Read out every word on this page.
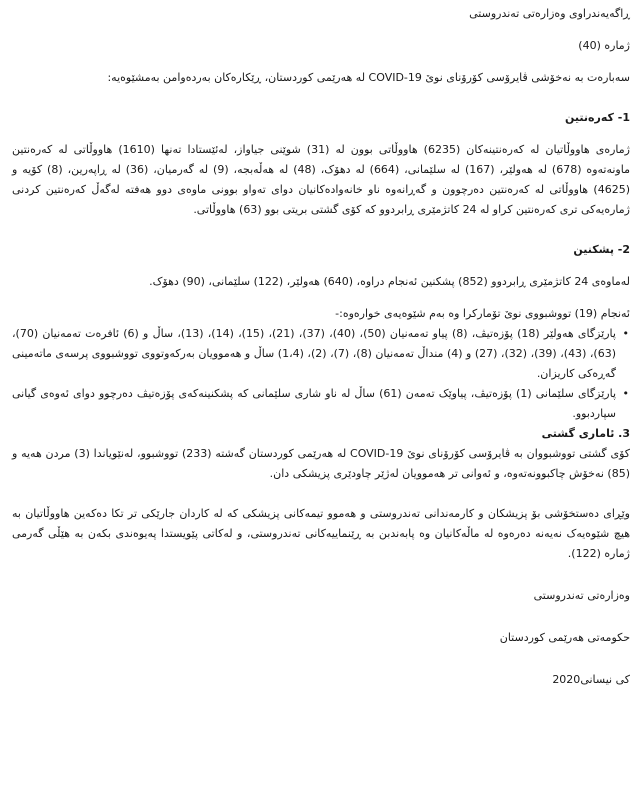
ڕاگەیەندراوی وەزارەتی تەندروستی

ژمارە (40)

سەبارەت بە نەخۆشی ڤایرۆسی کۆرۆنای نوێ COVID-19 لە هەرێمی کوردستان، ڕێکارەکان بەردەوامن بەمشێوەیە:

1- کەرەنتین

ژمارەی هاووڵاتیان لە کەرەنتینەکان (6235) هاووڵاتی بوون لە (31) شوێنی جیاواز، لەئێستادا تەنها (1610) هاووڵاتی لە کەرەنتین ماونەتەوە (678) لە هەولێر، (167) لە سلێمانی، (664) لە دهۆک، (48) لە هەڵەبجە، (9) لە گەرمیان، (36) لە ڕاپەرین، (8) کۆیە و (4625) هاووڵاتی لە کەرەنتین دەرچوون و گەڕانەوە ناو خانەوادەکانیان دوای تەواو بوونی ماوەی دوو هەفتە لەگەڵ کەرەنتین کردنی ژمارەیەکی تری کەرەنتین کراو لە 24 کاتژمێری ڕابردوو کە کۆی گشتی بریتی بوو (63) هاووڵاتی.

2- پشکنین

لەماوەی 24 کاتژمێری ڕابردوو (852) پشکنین ئەنجام دراوە، (640) هەولێر، (122) سلێمانی، (90) دهۆک.

ئەنجام (19) تووشبووی نوێ تۆمارکرا وە بەم شێوەیەی خوارەوە:-

•
پارێزگای هەولێر (18) پۆزەتیڤ، (8) پیاو تەمەنیان (50)، (40)، (37)، (21)، (15)، (14)، (13)، ساڵ و (6) ئافرەت تەمەنیان (70)، (63)، (43)، (39)، (32)، (27) و (4) منداڵ تەمەنیان (8)، (7)، (2)، (1،4) ساڵ و هەموویان بەرکەوتووی تووشبووی پرسەی ماتەمینی گەڕەکی کاریزان.
•
پارێزگای سلێمانی (1) پۆزەتیڤ، پیاوێک تەمەن (61) ساڵ لە ناو شاری سلێمانی کە پشکنینەکەی پۆزەتیڤ دەرچوو دوای ئەوەی گیانی سپاردبوو.

3. ئاماری گشتی

کۆی گشتی تووشبووان بە ڤایرۆسی کۆرۆنای نوێ COVID-19 لە هەرێمی کوردستان گەشتە (233) تووشبوو، لەنێویاندا (3) مردن هەیە و (85) نەخۆش چاکبوونەتەوە، و ئەوانی تر هەموویان لەژێر چاودێری پزیشکی دان.

وێڕای دەستخۆشی بۆ پزیشکان و کارمەندانی تەندروستی و هەموو تیمەکانی پزیشکی کە لە کاردان جارێکی تر تکا دەکەین هاووڵاتیان بە هیچ شێوەیەک نەیەنە دەرەوە لە ماڵەکانیان وە پابەندبن بە ڕێنماییەکانی تەندروستی، و لەکاتی پێویستدا پەیوەندی بکەن بە هێڵی گەرمی ژمارە (122).

وەزارەتی تەندروستی

حکومەتی هەرێمی کوردستان

کی نیسانی2020
